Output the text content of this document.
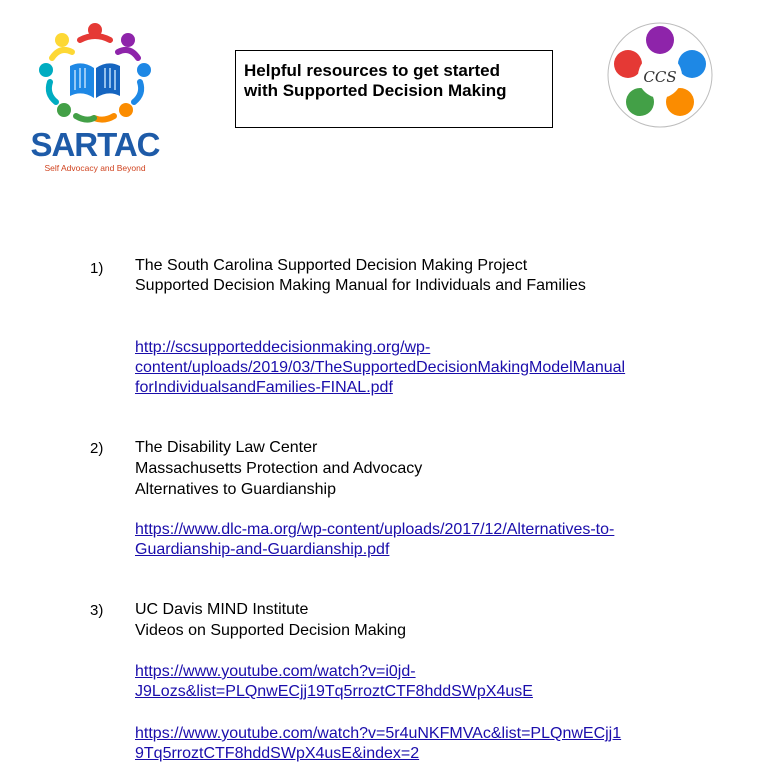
SARTAC
Self Advocacy and Beyond
Helpful resources to get started
with Supported Decision Making
CCS
1) The South Carolina Supported Decision Making Project
Supported Decision Making Manual for Individuals and Families
http://scsupporteddecisionmaking.org/wp-
content/uploads/2019/03/TheSupportedDecisionMakingModelManual
forIndividualsandFamilies-FINAL.pdf
2) The Disability Law Center
Massachusetts Protection and Advocacy
Alternatives to Guardianship
https://www.dlc-ma.org/wp-content/uploads/2017/12/Alternatives-to-
Guardianship-and-Guardianship.pdf
3) UC Davis MIND Institute
Videos on Supported Decision Making
https://www.youtube.com/watch?v=i0jd-
J9Lozs&list=PLQnwECjj19Tq5rroztCTF8hddSWpX4usE
https://www.youtube.com/watch?v=5r4uNKFMVAc&list=PLQnwECjj1
9Tq5rroztCTF8hddSWpX4usE&index=2
